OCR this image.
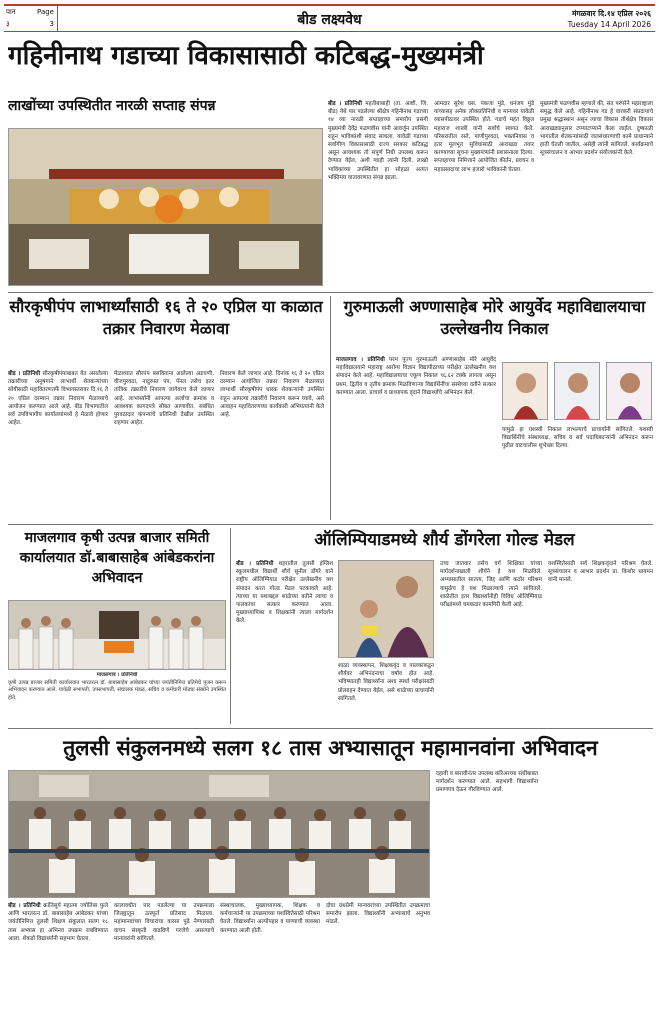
पान	Page
३	3	बीड लक्ष्यवेध	मंगळवार दि.१४ एप्रिल २०२६
Tuesday 14 April 2026
गहिनीनाथ गडाच्या विकासासाठी कटिबद्ध-मुख्यमंत्री
लाखोंच्या उपस्थितीत नारळी सप्ताह संपन्न	बीड । प्रतिनिधी महतीबाबाही (ता. आष्टी, जि. बीड) येथे पार पडलेल्या श्रीक्षेत्र गहिनीनाथ गडाच्या १४ व्या नारळी सप्ताहाच्या समारोप प्रसंगी मुख्यमंत्री देवेंद्र फडणवीस यांनी आवर्जून उपस्थित राहून भाविकांशी संवाद साधला. यावेळी गडाच्या सर्वांगीण विकासासाठी राज्य सरकार कटिबद्ध असून आवश्यक तो संपूर्ण निधी उपलब्ध करून देण्यात येईल, अशी ग्वाही त्यांनी दिली. लाखो भाविकांच्या उपस्थितीत हा सोहळा अत्यंत भक्तिमय वातावरणात संपन्न झाला.
आमदार सुरेश धस, पंकजा मुंडे, धनंजय मुंडे यांच्यासह अनेक लोकप्रतिनिधी व मान्यवर यावेळी व्यासपीठावर उपस्थित होते. गडाचे महंत विठ्ठल महाराज शास्त्री यांनी सर्वांचे स्वागत केले. परिसरातील रस्ते, पाणीपुरवठा, भक्तनिवास व इतर मूलभूत सुविधांसाठी आराखडा तयार करण्याच्या सूचना मुख्यमंत्र्यांनी प्रशासनाला दिल्या. सप्ताहाच्या निमित्ताने आयोजित कीर्तन, प्रवचन व महाप्रसादाचा लाभ हजारो भाविकांनी घेतला.
मुख्यमंत्री फडणवीस म्हणाले की, संत परंपरेने महाराष्ट्राला समृद्ध केले आहे. गहिनीनाथ गड हे वारकरी संप्रदायाचे प्रमुख श्रद्धास्थान असून त्याचा विकास तीर्थक्षेत्र विकास आराखड्यानुसार टप्प्याटप्प्याने केला जाईल. दुष्काळी भागातील शेतकऱ्यांसाठी जलसंधारणाची कामे प्राधान्याने हाती घेतली जातील, असेही त्यांनी सांगितले. कार्यक्रमाचे सूत्रसंचालन व आभार प्रदर्शन संयोजकांनी केले.
सौरकृषीपंप लाभार्थ्यांसाठी १६ ते २० एप्रिल या काळात तक्रार निवारण मेळावा
बीड । प्रतिनिधी सौरकृषीपंपाबाबत येत असलेल्या तक्रारींच्या अनुषंगाने लाभार्थी शेतकऱ्यांच्या सोयीसाठी महावितरणतर्फे विभागस्तरावर दि.१६ ते २० एप्रिल दरम्यान तक्रार निवारण मेळाव्याचे आयोजन करण्यात आले आहे. बीड विभागातील सर्व उपविभागीय कार्यालयांमध्ये हे मेळावे होणार आहेत.
मेळाव्यात सौरपंप बसविताना आलेल्या अडचणी, वीजपुरवठा, नादुरुस्त पंप, पॅनल तसेच इतर तांत्रिक तक्रारींचे निवारण जागेवरच केले जाणार आहे. लाभार्थ्यांनी आपल्या अर्जाचा क्रमांक व आवश्यक कागदपत्रे सोबत आणावीत. संबंधित पुरवठादार कंपन्यांचे प्रतिनिधी देखील उपस्थित राहणार आहेत.
निवारण केले जाणार आहे. दिनांक १६ ते २० एप्रिल दरम्यान आयोजित तक्रार निवारण मेळाव्यात लाभार्थी सौरकृषीपंप धारक शेतकऱ्यांनी उपस्थित राहून आपल्या तक्रारींचे निवारण करून घ्यावे, असे आवाहन महावितरणच्या कार्यकारी अभियंत्यांनी केले आहे.
गुरुमाऊली अण्णासाहेब मोरे आयुर्वेद महाविद्यालयाचा उल्लेखनीय निकाल
माजलगाव । प्रतिनिधी परम पूज्य गुरुमाऊली अण्णासाहेब मोरे आयुर्वेद महाविद्यालयाने महाराष्ट्र आरोग्य विज्ञान विद्यापीठाच्या परीक्षेत उल्लेखनीय यश संपादन केले आहे. महाविद्यालयाचा एकूण निकाल ९६.६२ टक्के लागला असून प्रथम, द्वितीय व तृतीय क्रमांक मिळविणाऱ्या विद्यार्थिनींचा संस्थेच्या वतीने सत्कार करण्यात आला. प्राचार्य व प्राध्यापक वृंदाने विद्यार्थ्यांचे अभिनंदन केले.
यामुळे हा यशस्वी निकाल लाभल्याचे प्राचार्यांनी सांगितले. यशस्वी विद्यार्थिनींचे संस्थाध्यक्ष, सचिव व सर्व पदाधिकाऱ्यांनी अभिनंदन करून पुढील वाटचालीस शुभेच्छा दिल्या.
माजलगाव कृषी उत्पन्न बाजार समिती कार्यालयात डॉ.बाबासाहेब आंबेडकरांना अभिवादन
माजलगाव । प्रतिनिधी
कृषी उत्पन्न बाजार समिती कार्यालयात भारतरत्न डॉ. बाबासाहेब आंबेडकर यांच्या जयंतीनिमित्त प्रतिमेचे पूजन करून अभिवादन करण्यात आले. यावेळी सभापती, उपसभापती, संचालक मंडळ, सचिव व कर्मचारी मोठ्या संख्येने उपस्थित होते.
ऑलिम्पियाडमध्ये शौर्य डोंगरेला गोल्ड मेडल
बीड । प्रतिनिधी शहरातील तुलसी इंग्लिश स्कूलमधील विद्यार्थी शौर्य सुनील डोंगरे याने राष्ट्रीय ऑलिम्पियाड परीक्षेत उल्लेखनीय यश संपादन करत गोल्ड मेडल पटकावले आहे. त्याच्या या यशाबद्दल शाळेच्या वतीने त्याचा व पालकांचा सत्कार करण्यात आला. मुख्याध्यापिका व शिक्षकांनी त्याला मार्गदर्शन केले.
उच्च जातवार तसेच वर्ग शिक्षिका यांच्या मार्गदर्शनाखाली शौर्यने हे यश मिळविले. अभ्यासातील सातत्य, जिद्द आणि कठोर परिश्रम यामुळेच हे यश मिळाल्याचे त्याने सांगितले. शाळेतील इतर विद्यार्थ्यांनीही विविध ऑलिम्पियाड परीक्षांमध्ये चमकदार कामगिरी केली आहे.
शाळा व्यवस्थापन, शिक्षकवृंद व पालकांकडून शौर्यवर अभिनंदनाचा वर्षाव होत आहे. भविष्यातही विद्यार्थ्यांना अशा स्पर्धा परीक्षांसाठी प्रोत्साहन देण्यात येईल, असे शाळेच्या प्राचार्यांनी सांगितले.
यशस्वितेसाठी सर्व शिक्षकवृंदाने परिश्रम घेतले. सूत्रसंचालन व आभार प्रदर्शन प्रा. किशोर थायमन यांनी मानले.
तुलसी संकुलनमध्ये सलग १८ तास अभ्यासातून महामानवांना अभिवादन
बीड । प्रतिनिधी क्रांतिसूर्य महात्मा ज्योतिबा फुले आणि भारतरत्न डॉ. बाबासाहेब आंबेडकर यांच्या जयंतीनिमित्त तुलसी शिक्षण संकुलात सलग १८ तास अभ्यास हा अभिनव उपक्रम राबविण्यात आला. शेकडो विद्यार्थ्यांनी सहभाग घेतला.
कालावधीत पार पडलेल्या या उपक्रमाला जिल्ह्यातून उत्स्फूर्त प्रतिसाद मिळाला. महामानवांच्या विचारांचा वारसा पुढे नेण्यासाठी वाचन संस्कृती वाढविणे गरजेचे असल्याचे मान्यवरांनी सांगितले.
संस्थाचालक, मुख्याध्यापक, शिक्षक व कर्मचाऱ्यांनी या उपक्रमाच्या यशस्वितेसाठी परिश्रम घेतले. विद्यार्थ्यांना अल्पोपहार व पाण्याची व्यवस्था करण्यात आली होती.
दोघा ग्रंथप्रेमी मान्यवरांच्या उपस्थितीत उपक्रमाचा समारोप झाला. विद्यार्थ्यांनी अभ्यासाचे अनुभव मांडले.
दहावी व बारावीनंतर उपलब्ध करिअरच्या संधींबाबत मार्गदर्शन करण्यात आले. सहभागी विद्यार्थ्यांना प्रमाणपत्र देऊन गौरविण्यात आले.
